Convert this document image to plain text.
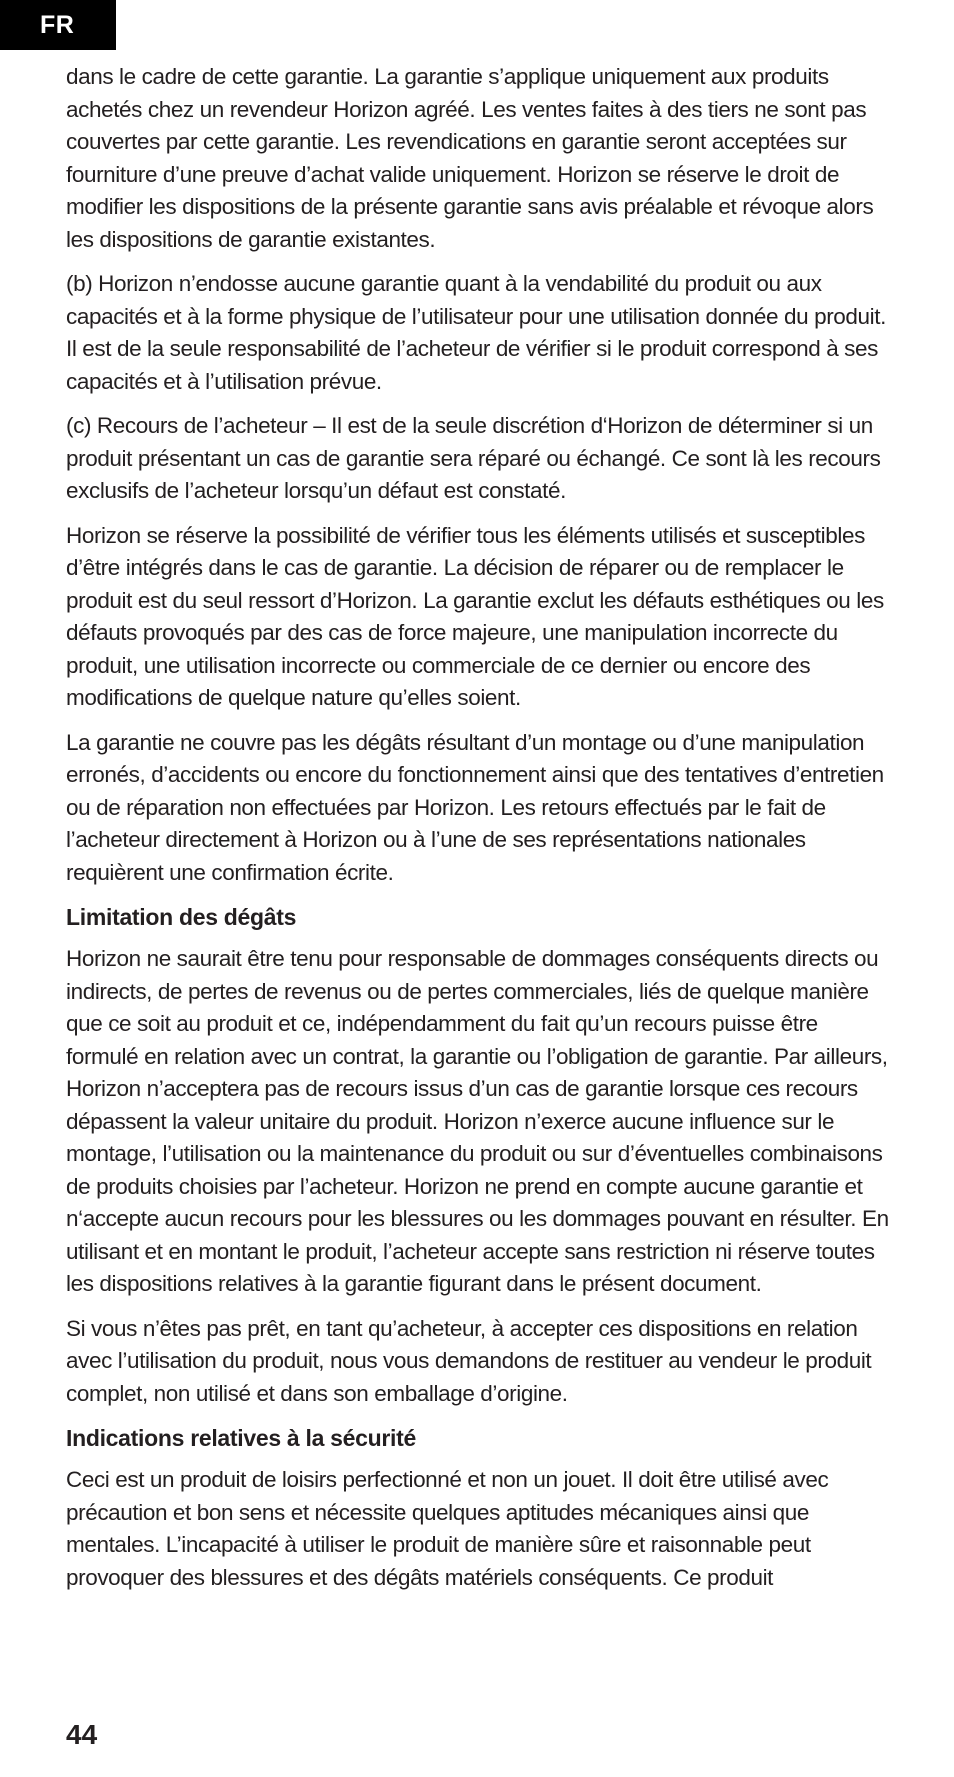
FR

dans le cadre de cette garantie. La garantie s’applique uniquement aux produits achetés chez un revendeur Horizon agréé. Les ventes faites à des tiers ne sont pas couvertes par cette garantie. Les revendications en garantie seront acceptées sur fourniture d’une preuve d’achat valide uniquement. Horizon se réserve le droit de modifier les dispositions de la présente garantie sans avis préalable et révoque alors les dispositions de garantie existantes.

(b) Horizon n’endosse aucune garantie quant à la vendabilité du produit ou aux capacités et à la forme physique de l’utilisateur pour une utilisation donnée du produit. Il est de la seule responsabilité de l’acheteur de vérifier si le produit correspond à ses capacités et à l’utilisation prévue.

(c) Recours de l’acheteur – Il est de la seule discrétion d‘Horizon de déterminer si un produit présentant un cas de garantie sera réparé ou échangé. Ce sont là les recours exclusifs de l’acheteur lorsqu’un défaut est constaté.

Horizon se réserve la possibilité de vérifier tous les éléments utilisés et susceptibles d’être intégrés dans le cas de garantie. La décision de réparer ou de remplacer le produit est du seul ressort d’Horizon. La garantie exclut les défauts esthétiques ou les défauts provoqués par des cas de force majeure, une manipulation incorrecte du produit, une utilisation incorrecte ou commerciale de ce dernier ou encore des modifications de quelque nature qu’elles soient.

La garantie ne couvre pas les dégâts résultant d’un montage ou d’une manipulation erronés, d’accidents ou encore du fonctionnement ainsi que des tentatives d’entretien ou de réparation non effectuées par Horizon. Les retours effectués par le fait de l’acheteur directement à Horizon ou à l’une de ses représentations nationales requièrent une confirmation écrite.

Limitation des dégâts

Horizon ne saurait être tenu pour responsable de dommages conséquents directs ou indirects, de pertes de revenus ou de pertes commerciales, liés de quelque manière que ce soit au produit et ce, indépendamment du fait qu’un recours puisse être formulé en relation avec un contrat, la garantie ou l’obligation de garantie. Par ailleurs, Horizon n’acceptera pas de recours issus d’un cas de garantie lorsque ces recours dépassent la valeur unitaire du produit. Horizon n’exerce aucune influence sur le montage, l’utilisation ou la maintenance du produit ou sur d’éventuelles combinaisons de produits choisies par l’acheteur. Horizon ne prend en compte aucune garantie et n‘accepte aucun recours pour les blessures ou les dommages pouvant en résulter. En utilisant et en montant le produit, l’acheteur accepte sans restriction ni réserve toutes les dispositions relatives à la garantie figurant dans le présent document.

Si vous n’êtes pas prêt, en tant qu’acheteur, à accepter ces dispositions en relation avec l’utilisation du produit, nous vous demandons de restituer au vendeur le produit complet, non utilisé et dans son emballage d’origine.

Indications relatives à la sécurité

Ceci est un produit de loisirs perfectionné et non un jouet. Il doit être utilisé avec précaution et bon sens et nécessite quelques aptitudes mécaniques ainsi que mentales. L’incapacité à utiliser le produit de manière sûre et raisonnable peut provoquer des blessures et des dégâts matériels conséquents. Ce produit

44
